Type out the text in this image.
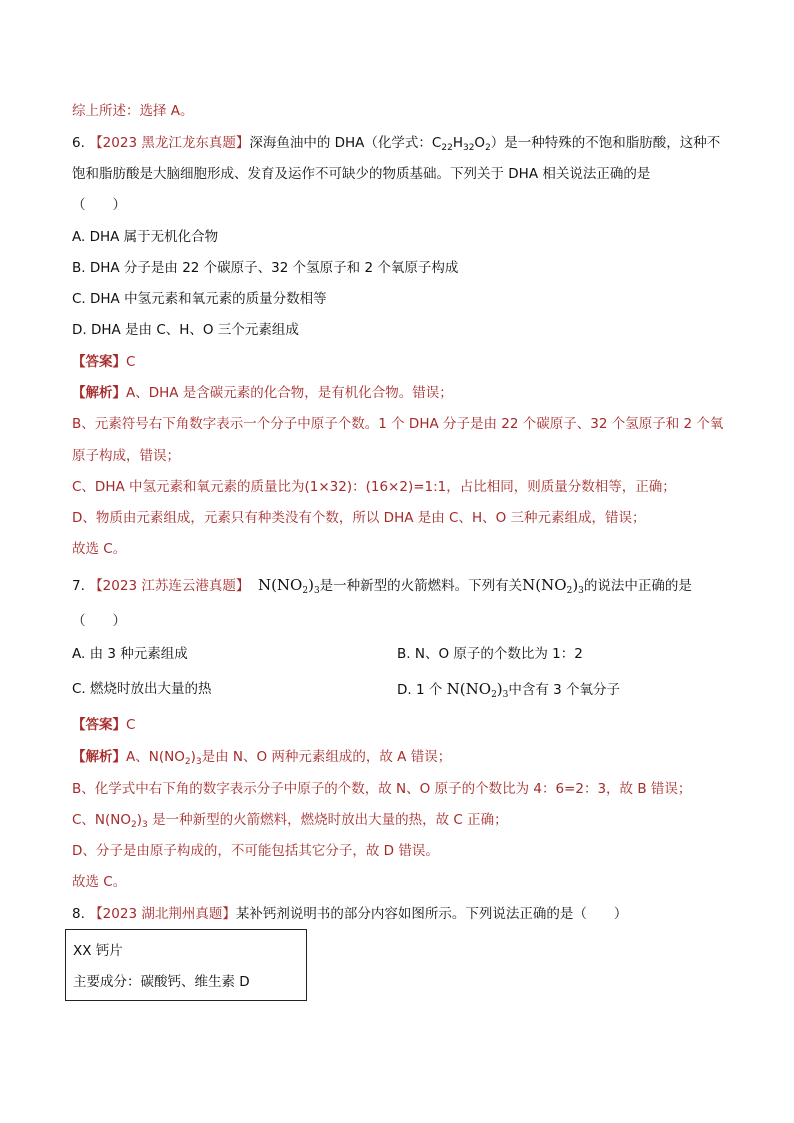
综上所述：选择 A。
6. 【2023 黑龙江龙东真题】深海鱼油中的 DHA（化学式：$C_{22}H_{32}O_2$）是一种特殊的不饱和脂肪酸，这种不
饱和脂肪酸是大脑细胞形成、发育及运作不可缺少的物质基础。下列关于 DHA 相关说法正确的是
（　　）
A. DHA 属于无机化合物
B. DHA 分子是由 22 个碳原子、32 个氢原子和 2 个氧原子构成
C. DHA 中氢元素和氧元素的质量分数相等
D. DHA 是由 C、H、O 三个元素组成
【答案】C
【解析】A、DHA 是含碳元素的化合物，是有机化合物。错误；
B、元素符号右下角数字表示一个分子中原子个数。1 个 DHA 分子是由 22 个碳原子、32 个氢原子和 2 个氧
原子构成，错误；
C、DHA 中氢元素和氧元素的质量比为(1×32)：(16×2)=1:1，占比相同，则质量分数相等，正确；
D、物质由元素组成，元素只有种类没有个数，所以 DHA 是由 C、H、O 三种元素组成，错误；
故选 C。
7. 【2023 江苏连云港真题】 $N(NO_2)_3$是一种新型的火箭燃料。下列有关$N(NO_2)_3$的说法中正确的是
（　　）
A. 由 3 种元素组成	B. N、O 原子的个数比为 1：2
C. 燃烧时放出大量的热	D. 1 个 $N(NO_2)_3$中含有 3 个氧分子
【答案】C
【解析】A、$N(NO_2)_3$是由 N、O 两种元素组成的，故 A 错误；
B、化学式中右下角的数字表示分子中原子的个数，故 N、O 原子的个数比为 4：6=2：3，故 B 错误；
C、$N(NO_2)_3$ 是一种新型的火箭燃料，燃烧时放出大量的热，故 C 正确；
D、分子是由原子构成的，不可能包括其它分子，故 D 错误。
故选 C。
8. 【2023 湖北荆州真题】某补钙剂说明书的部分内容如图所示。下列说法正确的是（　　）
XX 钙片
主要成分：碳酸钙、维生素 D
